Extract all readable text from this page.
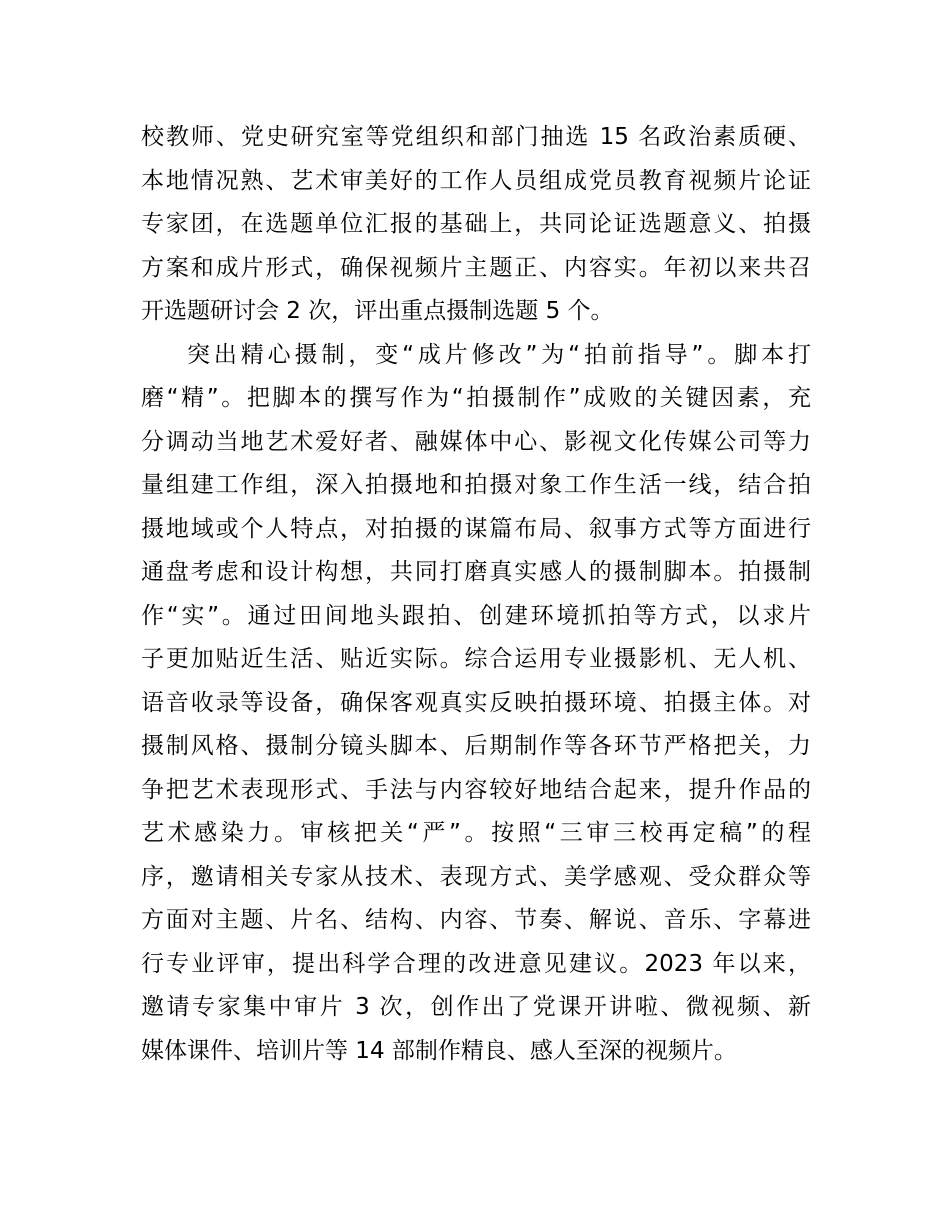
校教师、党史研究室等党组织和部门抽选 15 名政治素质硬、
本地情况熟、艺术审美好的工作人员组成党员教育视频片论证
专家团，在选题单位汇报的基础上，共同论证选题意义、拍摄
方案和成片形式，确保视频片主题正、内容实。年初以来共召
开选题研讨会 2 次，评出重点摄制选题 5 个。
突出精心摄制，变“成片修改”为“拍前指导”。脚本打
磨“精”。把脚本的撰写作为“拍摄制作”成败的关键因素，充
分调动当地艺术爱好者、融媒体中心、影视文化传媒公司等力
量组建工作组，深入拍摄地和拍摄对象工作生活一线，结合拍
摄地域或个人特点，对拍摄的谋篇布局、叙事方式等方面进行
通盘考虑和设计构想，共同打磨真实感人的摄制脚本。拍摄制
作“实”。通过田间地头跟拍、创建环境抓拍等方式，以求片
子更加贴近生活、贴近实际。综合运用专业摄影机、无人机、
语音收录等设备，确保客观真实反映拍摄环境、拍摄主体。对
摄制风格、摄制分镜头脚本、后期制作等各环节严格把关，力
争把艺术表现形式、手法与内容较好地结合起来，提升作品的
艺术感染力。审核把关“严”。按照“三审三校再定稿”的程
序，邀请相关专家从技术、表现方式、美学感观、受众群众等
方面对主题、片名、结构、内容、节奏、解说、音乐、字幕进
行专业评审，提出科学合理的改进意见建议。2023 年以来，
邀请专家集中审片 3 次，创作出了党课开讲啦、微视频、新
媒体课件、培训片等 14 部制作精良、感人至深的视频片。
